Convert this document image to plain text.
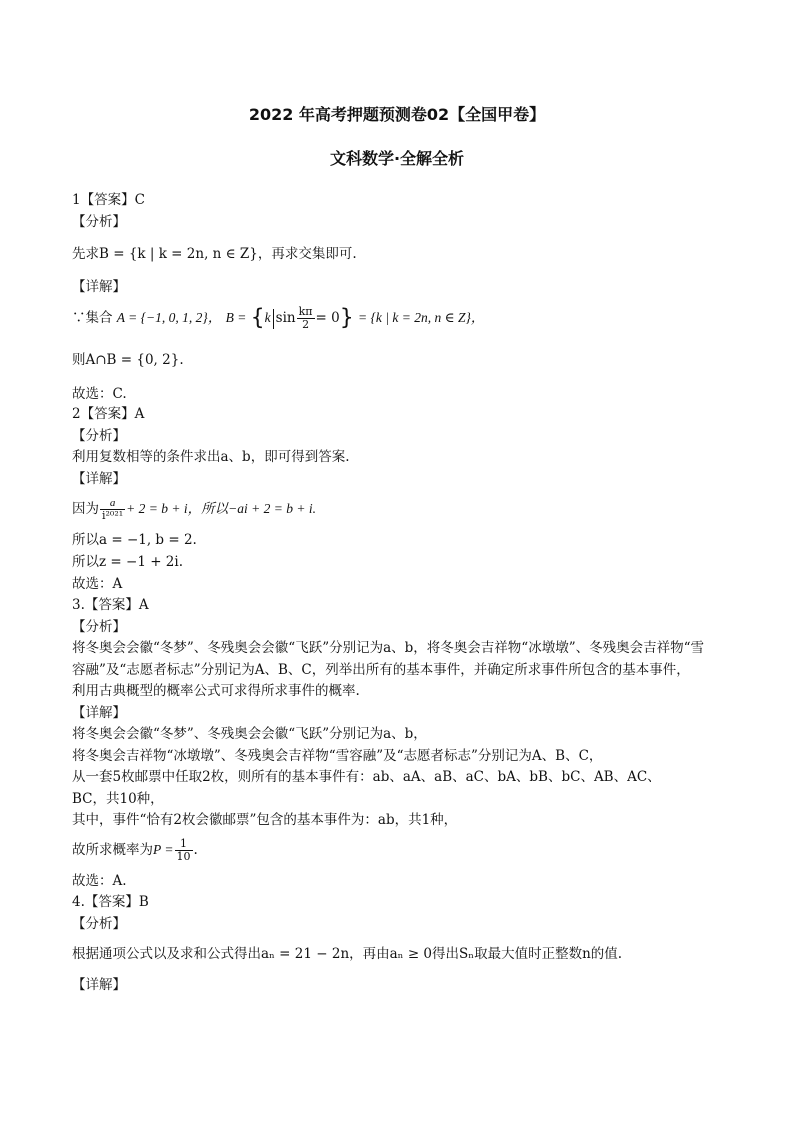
2022 年高考押题预测卷02【全国甲卷】
文科数学·全解全析
1【答案】C
【分析】
先求B = {k | k = 2n, n ∈ Z}，再求交集即可.
【详解】
∵集合 A = {−1, 0, 1, 2}， B = {k $\sin \frac{k\pi}{2} = 0\} = \{k$ | k = 2n, n ∈ Z}，
则A∩B = {0, 2}.
故选：C.
2【答案】A
【分析】
利用复数相等的条件求出a、b，即可得到答案.
【详解】
因为 $\frac{a}{\text{i²⁰²¹}} + 2 = b + i$，所以−ai + 2 = b + i.
所以a = −1, b = 2.
所以z = −1 + 2i.
故选：A
3.【答案】A
【分析】
将冬奥会会徽“冬梦”、冬残奥会会徽“飞跃”分别记为a、b，将冬奥会吉祥物“冰墩墩”、冬残奥会吉祥物“雪
容融”及“志愿者标志”分别记为A、B、C，列举出所有的基本事件，并确定所求事件所包含的基本事件，
利用古典概型的概率公式可求得所求事件的概率.
【详解】
将冬奥会会徽“冬梦”、冬残奥会会徽“飞跃”分别记为a、b，
将冬奥会吉祥物“冰墩墩”、冬残奥会吉祥物“雪容融”及“志愿者标志”分别记为A、B、C，
从一套5枚邮票中任取2枚，则所有的基本事件有：ab、aA、aB、aC、bA、bB、bC、AB、AC、
BC，共10种，
其中，事件“恰有2枚会徽邮票”包含的基本事件为：ab，共1种，
故所求概率为$P = \frac{1}{10}$ .
故选：A.
4.【答案】B
【分析】
根据通项公式以及求和公式得出aₙ = 21 − 2n，再由aₙ ≥ 0得出Sₙ取最大值时正整数n的值.
【详解】
